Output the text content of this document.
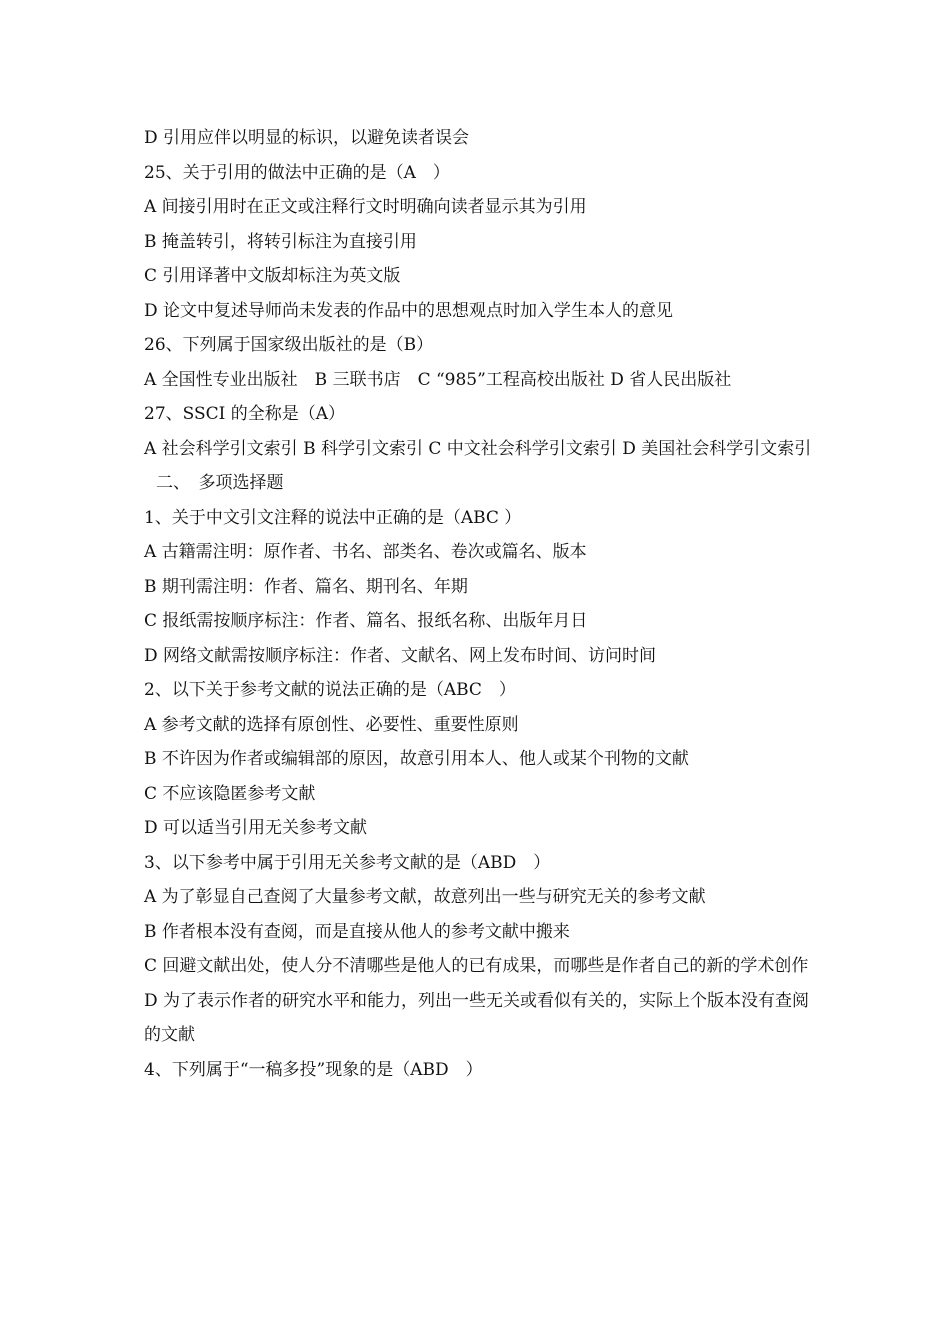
D 引用应伴以明显的标识，以避免读者误会

25、关于引用的做法中正确的是（A　）

A 间接引用时在正文或注释行文时明确向读者显示其为引用

B 掩盖转引，将转引标注为直接引用

C 引用译著中文版却标注为英文版

D 论文中复述导师尚未发表的作品中的思想观点时加入学生本人的意见

26、下列属于国家级出版社的是（B）

A 全国性专业出版社　B 三联书店　C “985”工程高校出版社 D 省人民出版社

27、SSCI 的全称是（A）

A 社会科学引文索引 B 科学引文索引 C 中文社会科学引文索引 D 美国社会科学引文索引

二、　多项选择题

1、关于中文引文注释的说法中正确的是（ABC ）

A 古籍需注明：原作者、书名、部类名、卷次或篇名、版本

B 期刊需注明：作者、篇名、期刊名、年期

C 报纸需按顺序标注：作者、篇名、报纸名称、出版年月日

D 网络文献需按顺序标注：作者、文献名、网上发布时间、访问时间

2、以下关于参考文献的说法正确的是（ABC　）

A 参考文献的选择有原创性、必要性、重要性原则

B 不许因为作者或编辑部的原因，故意引用本人、他人或某个刊物的文献

C 不应该隐匿参考文献

D 可以适当引用无关参考文献

3、以下参考中属于引用无关参考文献的是（ABD　）

A 为了彰显自己查阅了大量参考文献，故意列出一些与研究无关的参考文献

B 作者根本没有查阅，而是直接从他人的参考文献中搬来

C 回避文献出处，使人分不清哪些是他人的已有成果，而哪些是作者自己的新的学术创作

D 为了表示作者的研究水平和能力，列出一些无关或看似有关的，实际上个版本没有查阅的文献

4、下列属于“一稿多投”现象的是（ABD　）
